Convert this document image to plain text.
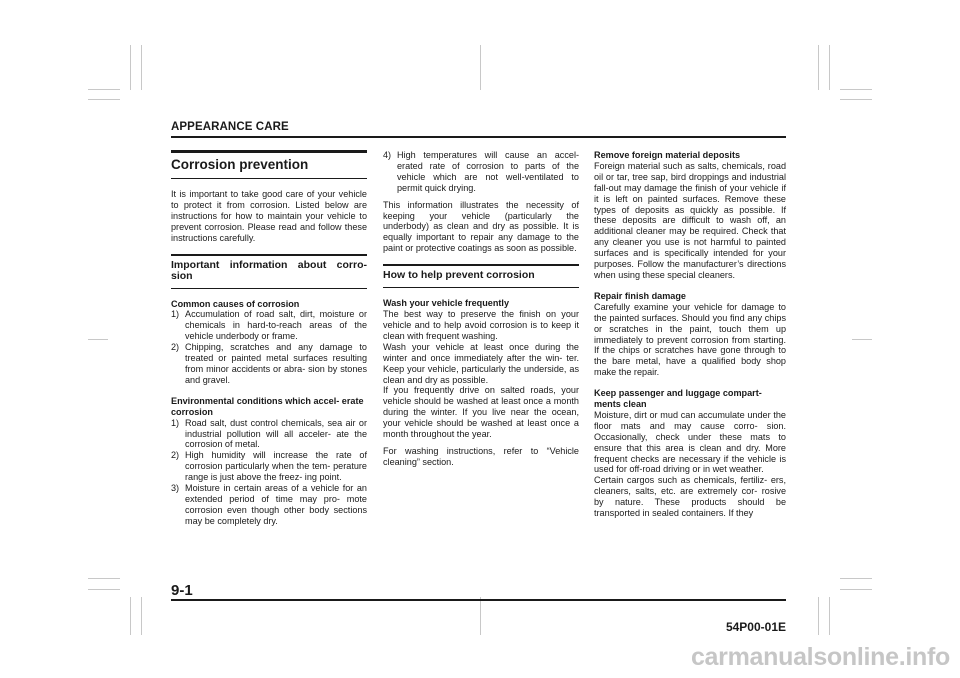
APPEARANCE CARE
Corrosion prevention

It is important to take good care of your vehicle to protect it from corrosion. Listed below are instructions for how to maintain your vehicle to prevent corrosion. Please read and follow these instructions carefully.

Important information about corro- sion

Common causes of corrosion

1) Accumulation of road salt, dirt, moisture or chemicals in hard-to-reach areas of the vehicle underbody or frame.
2) Chipping, scratches and any damage to treated or painted metal surfaces resulting from minor accidents or abra- sion by stones and gravel.

Environmental conditions which accel- erate corrosion

1) Road salt, dust control chemicals, sea air or industrial pollution will all acceler- ate the corrosion of metal.
2) High humidity will increase the rate of corrosion particularly when the tem- perature range is just above the freez- ing point.
3) Moisture in certain areas of a vehicle for an extended period of time may pro- mote corrosion even though other body sections may be completely dry.
4) High temperatures will cause an accel- erated rate of corrosion to parts of the vehicle which are not well-ventilated to permit quick drying.

This information illustrates the necessity of keeping your vehicle (particularly the underbody) as clean and dry as possible. It is equally important to repair any damage to the paint or protective coatings as soon as possible.

How to help prevent corrosion

Wash your vehicle frequently

The best way to preserve the finish on your vehicle and to help avoid corrosion is to keep it clean with frequent washing.

Wash your vehicle at least once during the winter and once immediately after the win- ter. Keep your vehicle, particularly the underside, as clean and dry as possible.

If you frequently drive on salted roads, your vehicle should be washed at least once a month during the winter. If you live near the ocean, your vehicle should be washed at least once a month throughout the year.

For washing instructions, refer to “Vehicle cleaning” section.

Remove foreign material deposits

Foreign material such as salts, chemicals, road oil or tar, tree sap, bird droppings and industrial fall-out may damage the finish of your vehicle if it is left on painted surfaces. Remove these types of deposits as quickly as possible. If these deposits are difficult to wash off, an additional cleaner may be required. Check that any cleaner you use is not harmful to painted surfaces and is specifically intended for your purposes. Follow the manufacturer’s directions when using these special cleaners.

Repair finish damage

Carefully examine your vehicle for damage to the painted surfaces. Should you find any chips or scratches in the paint, touch them up immediately to prevent corrosion from starting. If the chips or scratches have gone through to the bare metal, have a qualified body shop make the repair.

Keep passenger and luggage compart- ments clean

Moisture, dirt or mud can accumulate under the floor mats and may cause corro- sion. Occasionally, check under these mats to ensure that this area is clean and dry. More frequent checks are necessary if the vehicle is used for off-road driving or in wet weather.

Certain cargos such as chemicals, fertiliz- ers, cleaners, salts, etc. are extremely cor- rosive by nature. These products should be transported in sealed containers. If they

9-1
54P00-01E
carmanualsonline.info
